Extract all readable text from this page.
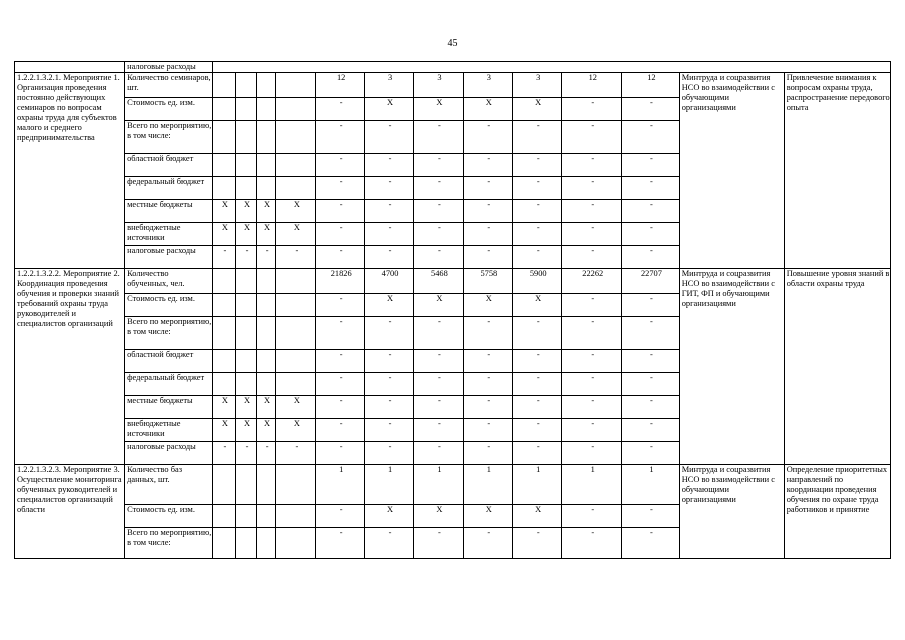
45
	налоговые расходы													
1.2.2.1.3.2.1. Мероприятие 1. Организация проведения постоянно действующих семинаров по вопросам охраны труда для субъектов малого и среднего предпринимательства	Количество семинаров, шт.					12	3	3	3	3	12	12	Минтруда и соцразвития НСО во взаимодействии с обучающими организациями	Привлечение внимания к вопросам охраны труда, распространение передового опыта
	Стоимость ед. изм.					-	X	X	X	X	-	-		
	Всего по мероприятию, в том числе:					-	-	-	-	-	-	-		
	областной бюджет					-	-	-	-	-	-	-		
	федеральный бюджет					-	-	-	-	-	-	-		
	местные бюджеты	X	X	X	X	-	-	-	-	-	-	-		
	внебюджетные источники	X	X	X	X	-	-	-	-	-	-	-		
	налоговые расходы	-	-	-	-	-	-	-	-	-	-	-		
1.2.2.1.3.2.2. Мероприятие 2. Координация проведения обучения и проверки знаний требований охраны труда руководителей и специалистов организаций	Количество обученных, чел.					21826	4700	5468	5758	5900	22262	22707	Минтруда и соцразвития НСО во взаимодействии с ГИТ, ФП и обучающими организациями	Повышение уровня знаний в области охраны труда
	Стоимость ед. изм.					-	X	X	X	X	-	-		
	Всего по мероприятию, в том числе:					-	-	-	-	-	-	-		
	областной бюджет					-	-	-	-	-	-	-		
	федеральный бюджет					-	-	-	-	-	-	-		
	местные бюджеты	X	X	X	X	-	-	-	-	-	-	-		
	внебюджетные источники	X	X	X	X	-	-	-	-	-	-	-		
	налоговые расходы	-	-	-	-	-	-	-	-	-	-	-		
1.2.2.1.3.2.3. Мероприятие 3. Осуществление мониторинга обученных руководителей и специалистов организаций области	Количество баз данных, шт.					1	1	1	1	1	1	1	Минтруда и соцразвития НСО во взаимодействии с обучающими организациями	Определение приоритетных направлений по координации проведения обучения по охране труда работников и принятие
	Стоимость ед. изм.					-	X	X	X	X	-	-		
	Всего по мероприятию, в том числе:					-	-	-	-	-	-	-		
